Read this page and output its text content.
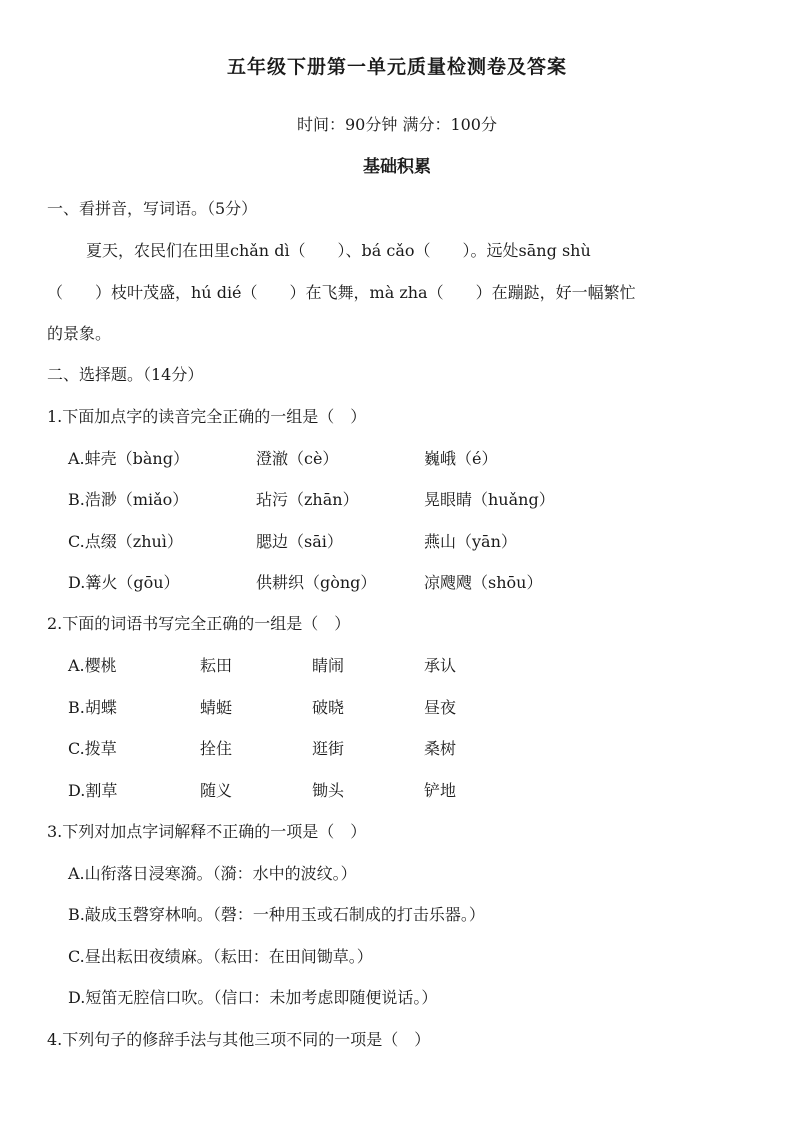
五年级下册第一单元质量检测卷及答案
时间：90分钟 满分：100分
基础积累
一、看拼音，写词语。（5分）
夏天，农民们在田里chǎn dì（　　）、bá cǎo（　　）。远处sāng shù
（　　）枝叶茂盛，hú dié（　　）在飞舞，mà zha（　　）在蹦跶，好一幅繁忙
的景象。
二、选择题。（14分）
1.下面加点字的读音完全正确的一组是（　）
A.蚌壳（bàng）	澄澈（cè）	巍峨（é）
B.浩渺（miǎo）	玷污（zhān）	晃眼睛（huǎng）
C.点缀（zhuì）	腮边（sāi）	燕山（yān）
D.篝火（gōu）	供耕织（gòng）	凉飕飕（shōu）
2.下面的词语书写完全正确的一组是（　）
A.樱桃	耘田	睛闹	承认
B.胡蝶	蜻蜓	破晓	昼夜
C.拨草	拴住	逛街	桑树
D.割草	随义	锄头	铲地
3.下列对加点字词解释不正确的一项是（　）
A.山衔落日浸寒漪。（漪：水中的波纹。）
B.敲成玉磬穿林响。（磬：一种用玉或石制成的打击乐器。）
C.昼出耘田夜绩麻。（耘田：在田间锄草。）
D.短笛无腔信口吹。（信口：未加考虑即随便说话。）
4.下列句子的修辞手法与其他三项不同的一项是（　）
